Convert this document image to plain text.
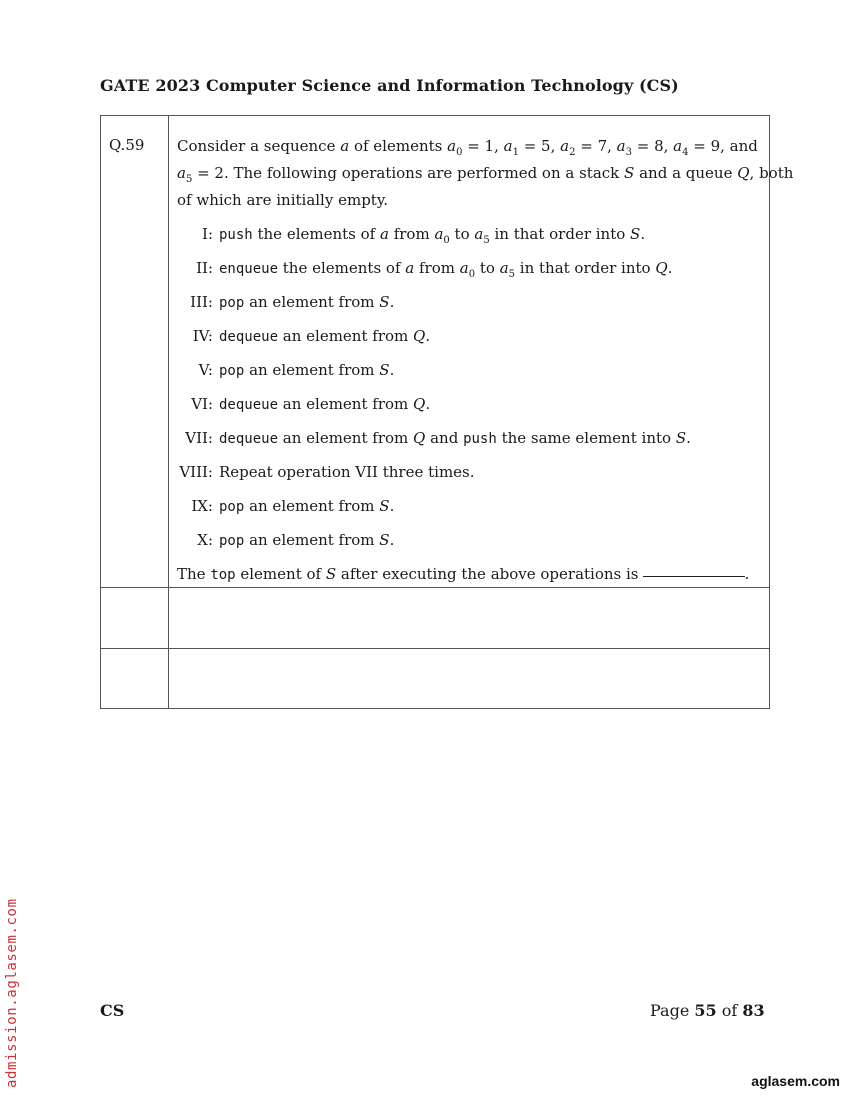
GATE 2023 Computer Science and Information Technology (CS)
Q.59 Consider a sequence a of elements $a_0 = 1$, $a_1 = 5$, $a_2 = 7$, $a_3 = 8$, $a_4 = 9$, and
$a_5 = 2$. The following operations are performed on a stack S and a queue Q, both
of which are initially empty.
I: push the elements of a from $a_0$ to $a_5$ in that order into S.
II: enqueue the elements of a from $a_0$ to $a_5$ in that order into Q.
III: pop an element from S.
IV: dequeue an element from Q.
V: pop an element from S.
VI: dequeue an element from Q.
VII: dequeue an element from Q and push the same element into S.
VIII: Repeat operation VII three times.
IX: pop an element from S.
X: pop an element from S.
The top element of S after executing the above operations is	.
CS	Page 55 of 83
admission.aglasem.com	aglasem.com
